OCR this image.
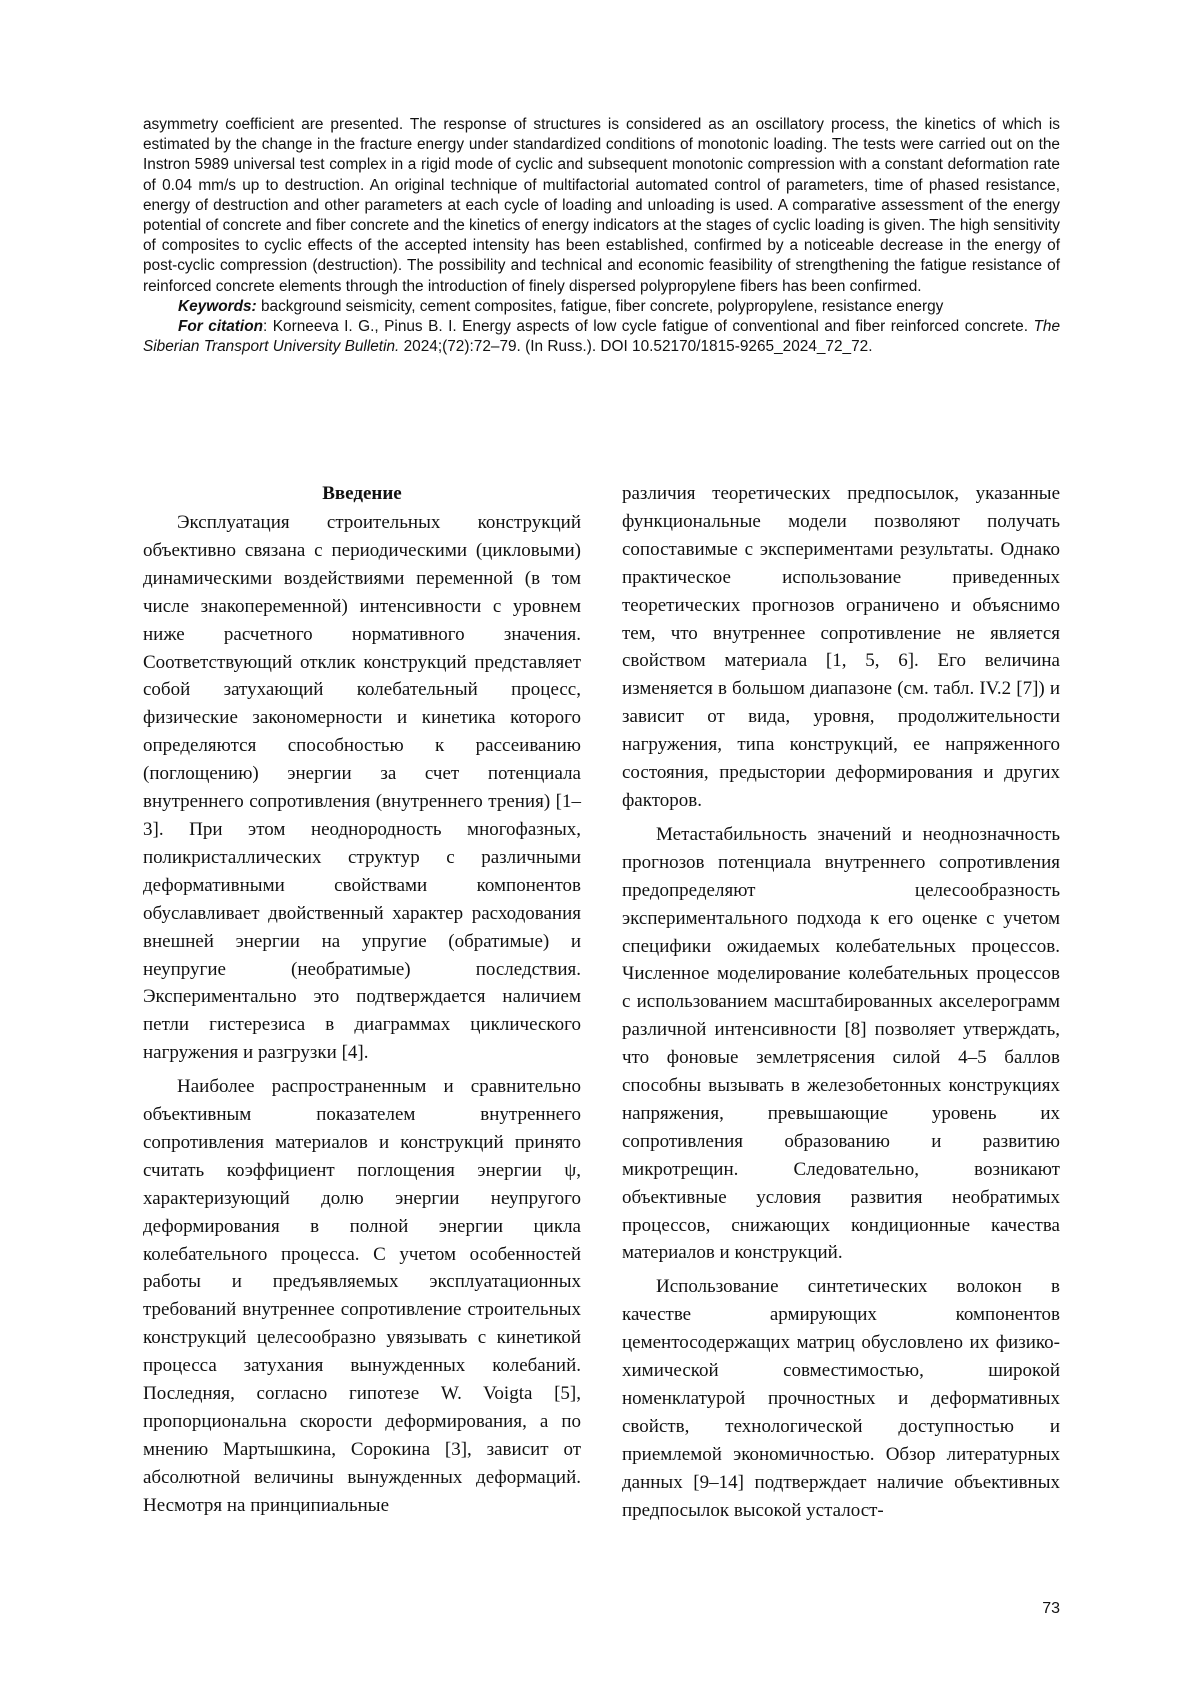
asymmetry coefficient are presented. The response of structures is considered as an oscillatory process, the kinetics of which is estimated by the change in the fracture energy under standardized conditions of monotonic loading. The tests were carried out on the Instron 5989 universal test complex in a rigid mode of cyclic and subsequent monotonic compression with a constant deformation rate of 0.04 mm/s up to destruction. An original technique of multifactorial automated control of parameters, time of phased resistance, energy of destruction and other parameters at each cycle of loading and unloading is used. A comparative assessment of the energy potential of concrete and fiber concrete and the kinetics of energy indicators at the stages of cyclic loading is given. The high sensitivity of composites to cyclic effects of the accepted intensity has been established, confirmed by a noticeable decrease in the energy of post-cyclic compression (destruction). The possibility and technical and economic feasibility of strengthening the fatigue resistance of reinforced concrete elements through the introduction of finely dispersed polypropylene fibers has been confirmed.

Keywords: background seismicity, cement composites, fatigue, fiber concrete, polypropylene, resistance energy

For citation: Korneeva I. G., Pinus B. I. Energy aspects of low cycle fatigue of conventional and fiber reinforced concrete. The Siberian Transport University Bulletin. 2024;(72):72–79. (In Russ.). DOI 10.52170/1815-9265_2024_72_72.

Введение

Эксплуатация строительных конструкций объективно связана с периодическими (цикловыми) динамическими воздействиями переменной (в том числе знакопеременной) интенсивности с уровнем ниже расчетного нормативного значения. Соответствующий отклик конструкций представляет собой затухающий колебательный процесс, физические закономерности и кинетика которого определяются способностью к рассеиванию (поглощению) энергии за счет потенциала внутреннего сопротивления (внутреннего трения) [1–3]. При этом неоднородность многофазных, поликристаллических структур с различными деформативными свойствами компонентов обуславливает двойственный характер расходования внешней энергии на упругие (обратимые) и неупругие (необратимые) последствия. Экспериментально это подтверждается наличием петли гистерезиса в диаграммах циклического нагружения и разгрузки [4].

Наиболее распространенным и сравнительно объективным показателем внутреннего сопротивления материалов и конструкций принято считать коэффициент поглощения энергии ψ, характеризующий долю энергии неупругого деформирования в полной энергии цикла колебательного процесса. С учетом особенностей работы и предъявляемых эксплуатационных требований внутреннее сопротивление строительных конструкций целесообразно увязывать с кинетикой процесса затухания вынужденных колебаний. Последняя, согласно гипотезе W. Voigta [5], пропорциональна скорости деформирования, а по мнению Мартышкина, Сорокина [3], зависит от абсолютной величины вынужденных деформаций. Несмотря на принципиальные

различия теоретических предпосылок, указанные функциональные модели позволяют получать сопоставимые с экспериментами результаты. Однако практическое использование приведенных теоретических прогнозов ограничено и объяснимо тем, что внутреннее сопротивление не является свойством материала [1, 5, 6]. Его величина изменяется в большом диапазоне (см. табл. IV.2 [7]) и зависит от вида, уровня, продолжительности нагружения, типа конструкций, ее напряженного состояния, предыстории деформирования и других факторов.

Метастабильность значений и неоднозначность прогнозов потенциала внутреннего сопротивления предопределяют целесообразность экспериментального подхода к его оценке с учетом специфики ожидаемых колебательных процессов. Численное моделирование колебательных процессов с использованием масштабированных акселерограмм различной интенсивности [8] позволяет утверждать, что фоновые землетрясения силой 4–5 баллов способны вызывать в железобетонных конструкциях напряжения, превышающие уровень их сопротивления образованию и развитию микротрещин. Следовательно, возникают объективные условия развития необратимых процессов, снижающих кондиционные качества материалов и конструкций.

Использование синтетических волокон в качестве армирующих компонентов цементосодержащих матриц обусловлено их физико-химической совместимостью, широкой номенклатурой прочностных и деформативных свойств, технологической доступностью и приемлемой экономичностью. Обзор литературных данных [9–14] подтверждает наличие объективных предпосылок высокой усталост-

73
